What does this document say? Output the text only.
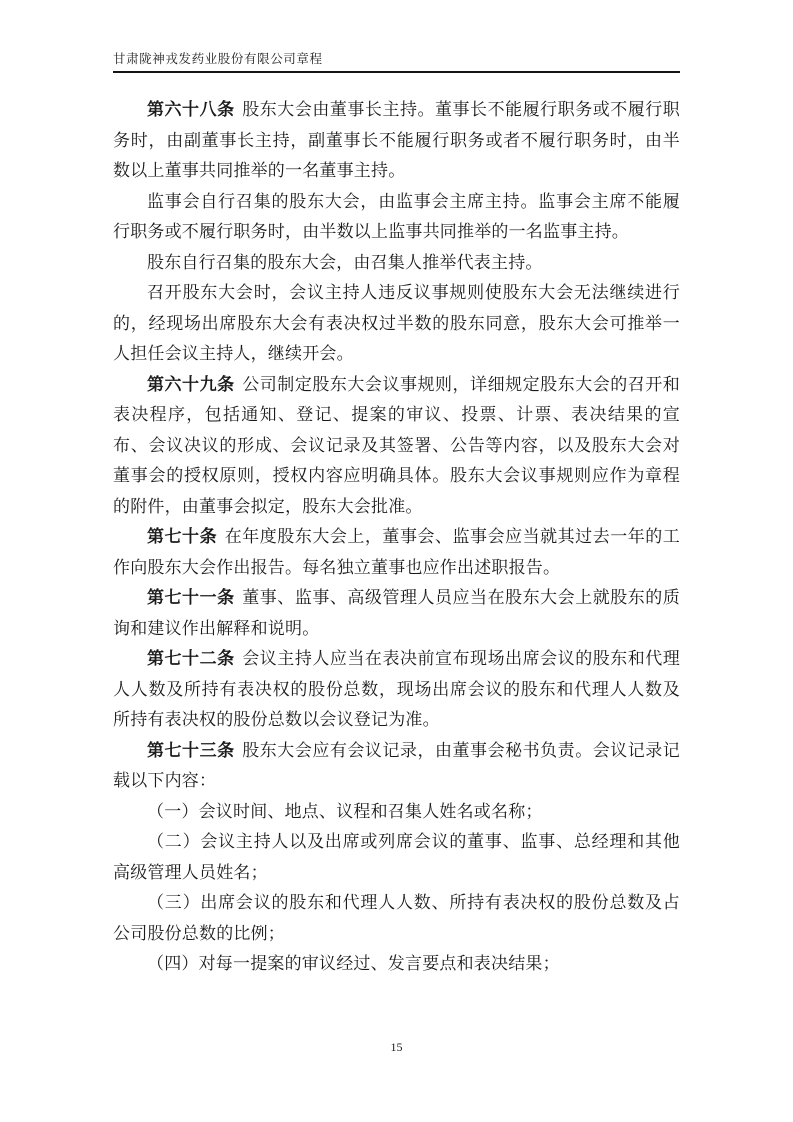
甘肃陇神戎发药业股份有限公司章程

第六十八条 股东大会由董事长主持。董事长不能履行职务或不履行职务时，由副董事长主持，副董事长不能履行职务或者不履行职务时，由半数以上董事共同推举的一名董事主持。

监事会自行召集的股东大会，由监事会主席主持。监事会主席不能履行职务或不履行职务时，由半数以上监事共同推举的一名监事主持。

股东自行召集的股东大会，由召集人推举代表主持。

召开股东大会时，会议主持人违反议事规则使股东大会无法继续进行的，经现场出席股东大会有表决权过半数的股东同意，股东大会可推举一人担任会议主持人，继续开会。

第六十九条 公司制定股东大会议事规则，详细规定股东大会的召开和表决程序，包括通知、登记、提案的审议、投票、计票、表决结果的宣布、会议决议的形成、会议记录及其签署、公告等内容，以及股东大会对董事会的授权原则，授权内容应明确具体。股东大会议事规则应作为章程的附件，由董事会拟定，股东大会批准。

第七十条 在年度股东大会上，董事会、监事会应当就其过去一年的工作向股东大会作出报告。每名独立董事也应作出述职报告。

第七十一条 董事、监事、高级管理人员应当在股东大会上就股东的质询和建议作出解释和说明。

第七十二条 会议主持人应当在表决前宣布现场出席会议的股东和代理人人数及所持有表决权的股份总数，现场出席会议的股东和代理人人数及所持有表决权的股份总数以会议登记为准。

第七十三条 股东大会应有会议记录，由董事会秘书负责。会议记录记载以下内容：

（一）会议时间、地点、议程和召集人姓名或名称；

（二）会议主持人以及出席或列席会议的董事、监事、总经理和其他高级管理人员姓名；

（三）出席会议的股东和代理人人数、所持有表决权的股份总数及占公司股份总数的比例；

（四）对每一提案的审议经过、发言要点和表决结果；

15
